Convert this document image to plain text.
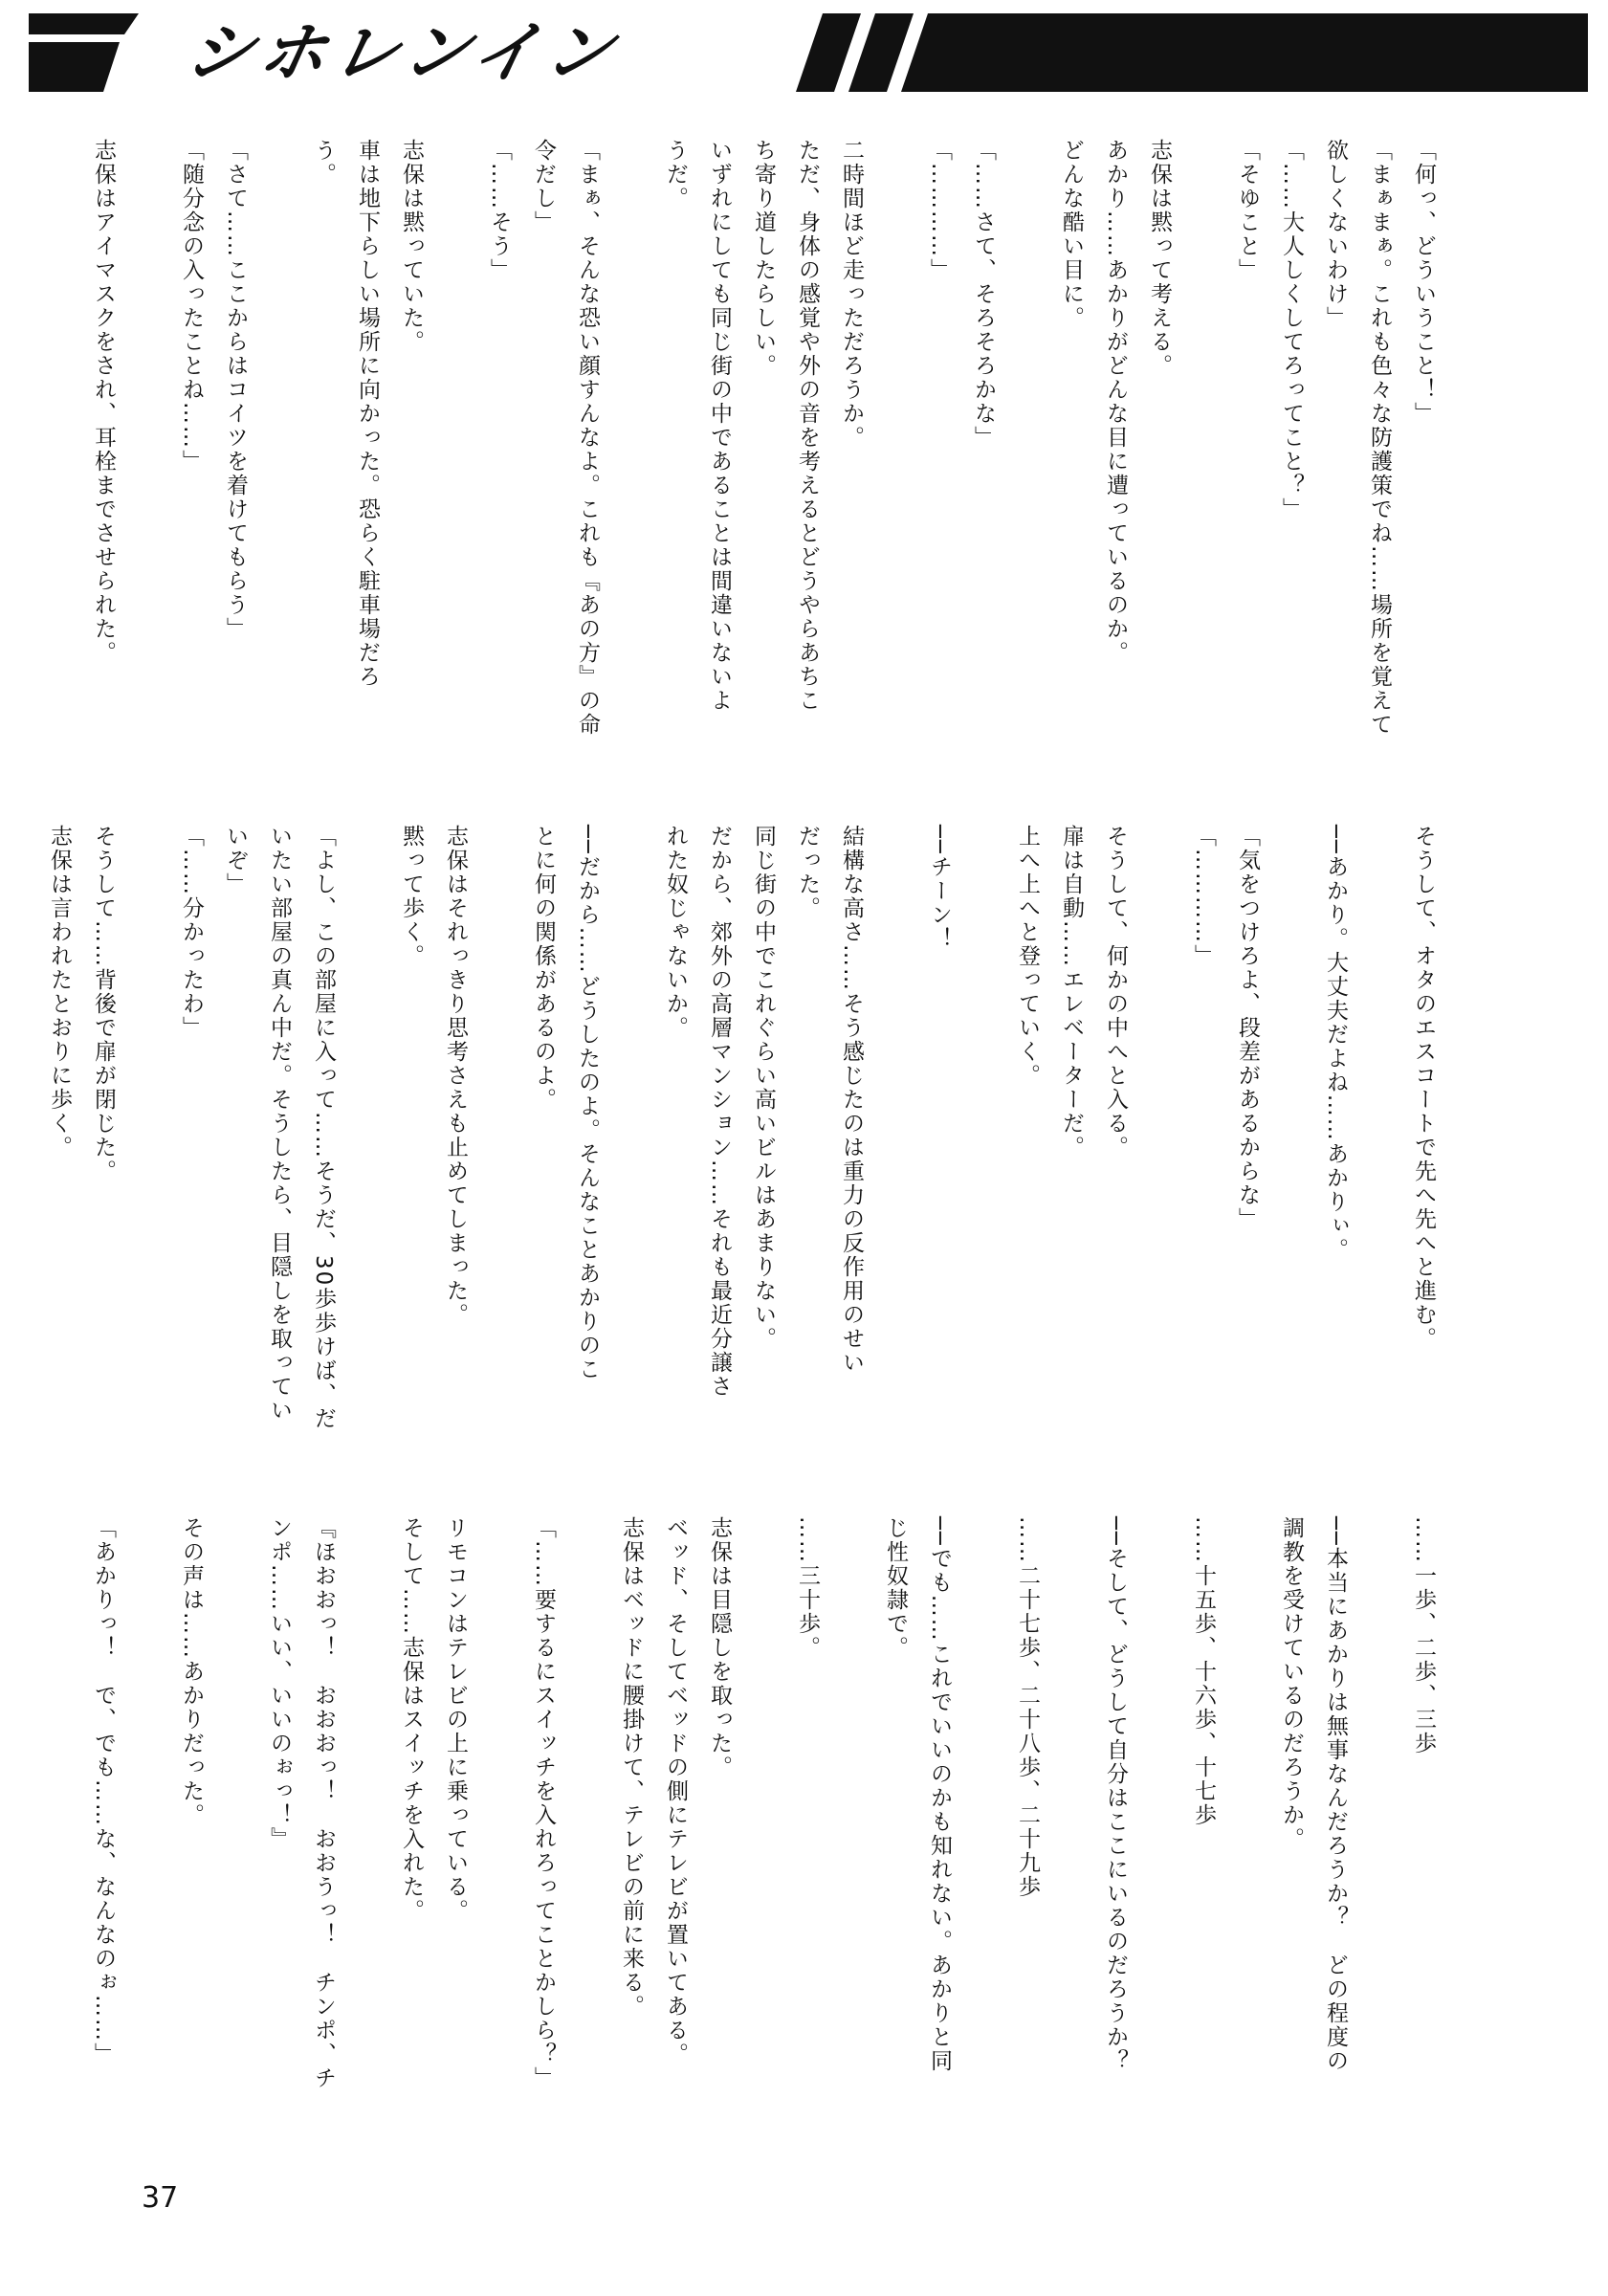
シホレンイン
「何っ、どういうこと！」
「まぁまぁ。これも色々な防護策でね……場所を覚えて
欲しくないわけ」
「……大人しくしてろってこと？」
「そゆこと」

志保は黙って考える。
あかり……あかりがどんな目に遭っているのか。
どんな酷い目に。

「……さて、そろそろかな」
「…………」

二時間ほど走っただろうか。
ただ、身体の感覚や外の音を考えるとどうやらあちこ
ち寄り道したらしい。
いずれにしても同じ街の中であることは間違いないよ
うだ。

「まぁ、そんな恐い顔すんなよ。これも『あの方』の命
令だし」
「……そう」

志保は黙っていた。
車は地下らしい場所に向かった。恐らく駐車場だろ
う。

「さて……ここからはコイツを着けてもらう」
「随分念の入ったことね……」

志保はアイマスクをされ、耳栓までさせられた。
そうして、オタのエスコートで先へ先へと進む。

──あかり。大丈夫だよね……あかりぃ。

「気をつけろよ、段差があるからな」
「…………」

そうして、何かの中へと入る。
扉は自動……エレベーターだ。
上へ上へと登っていく。

──チーン！

結構な高さ……そう感じたのは重力の反作用のせい
だった。
同じ街の中でこれぐらい高いビルはあまりない。
だから、郊外の高層マンション……それも最近分譲さ
れた奴じゃないか。

──だから……どうしたのよ。そんなことあかりのこ
とに何の関係があるのよ。

志保はそれっきり思考さえも止めてしまった。
黙って歩く。

「よし、この部屋に入って……そうだ、30歩歩けば、だ
いたい部屋の真ん中だ。そうしたら、目隠しを取ってい
いぞ」
「……分かったわ」

そうして……背後で扉が閉じた。
志保は言われたとおりに歩く。
……一歩、二歩、三歩

──本当にあかりは無事なんだろうか？　どの程度の
調教を受けているのだろうか。

……十五歩、十六歩、十七歩

──そして、どうして自分はここにいるのだろうか？

……二十七歩、二十八歩、二十九歩

──でも……これでいいのかも知れない。あかりと同
じ性奴隷で。

……三十歩。

志保は目隠しを取った。
ベッド、そしてベッドの側にテレビが置いてある。
志保はベッドに腰掛けて、テレビの前に来る。

「……要するにスイッチを入れろってことかしら？」

リモコンはテレビの上に乗っている。
そして……志保はスイッチを入れた。

『ほおおっ！　おおおっ！　おおうっ！　チンポ、チ
ンポ……いい、いいのぉっ！』

その声は……あかりだった。

「あかりっ！　で、でも……な、なんなのぉ……」
37
